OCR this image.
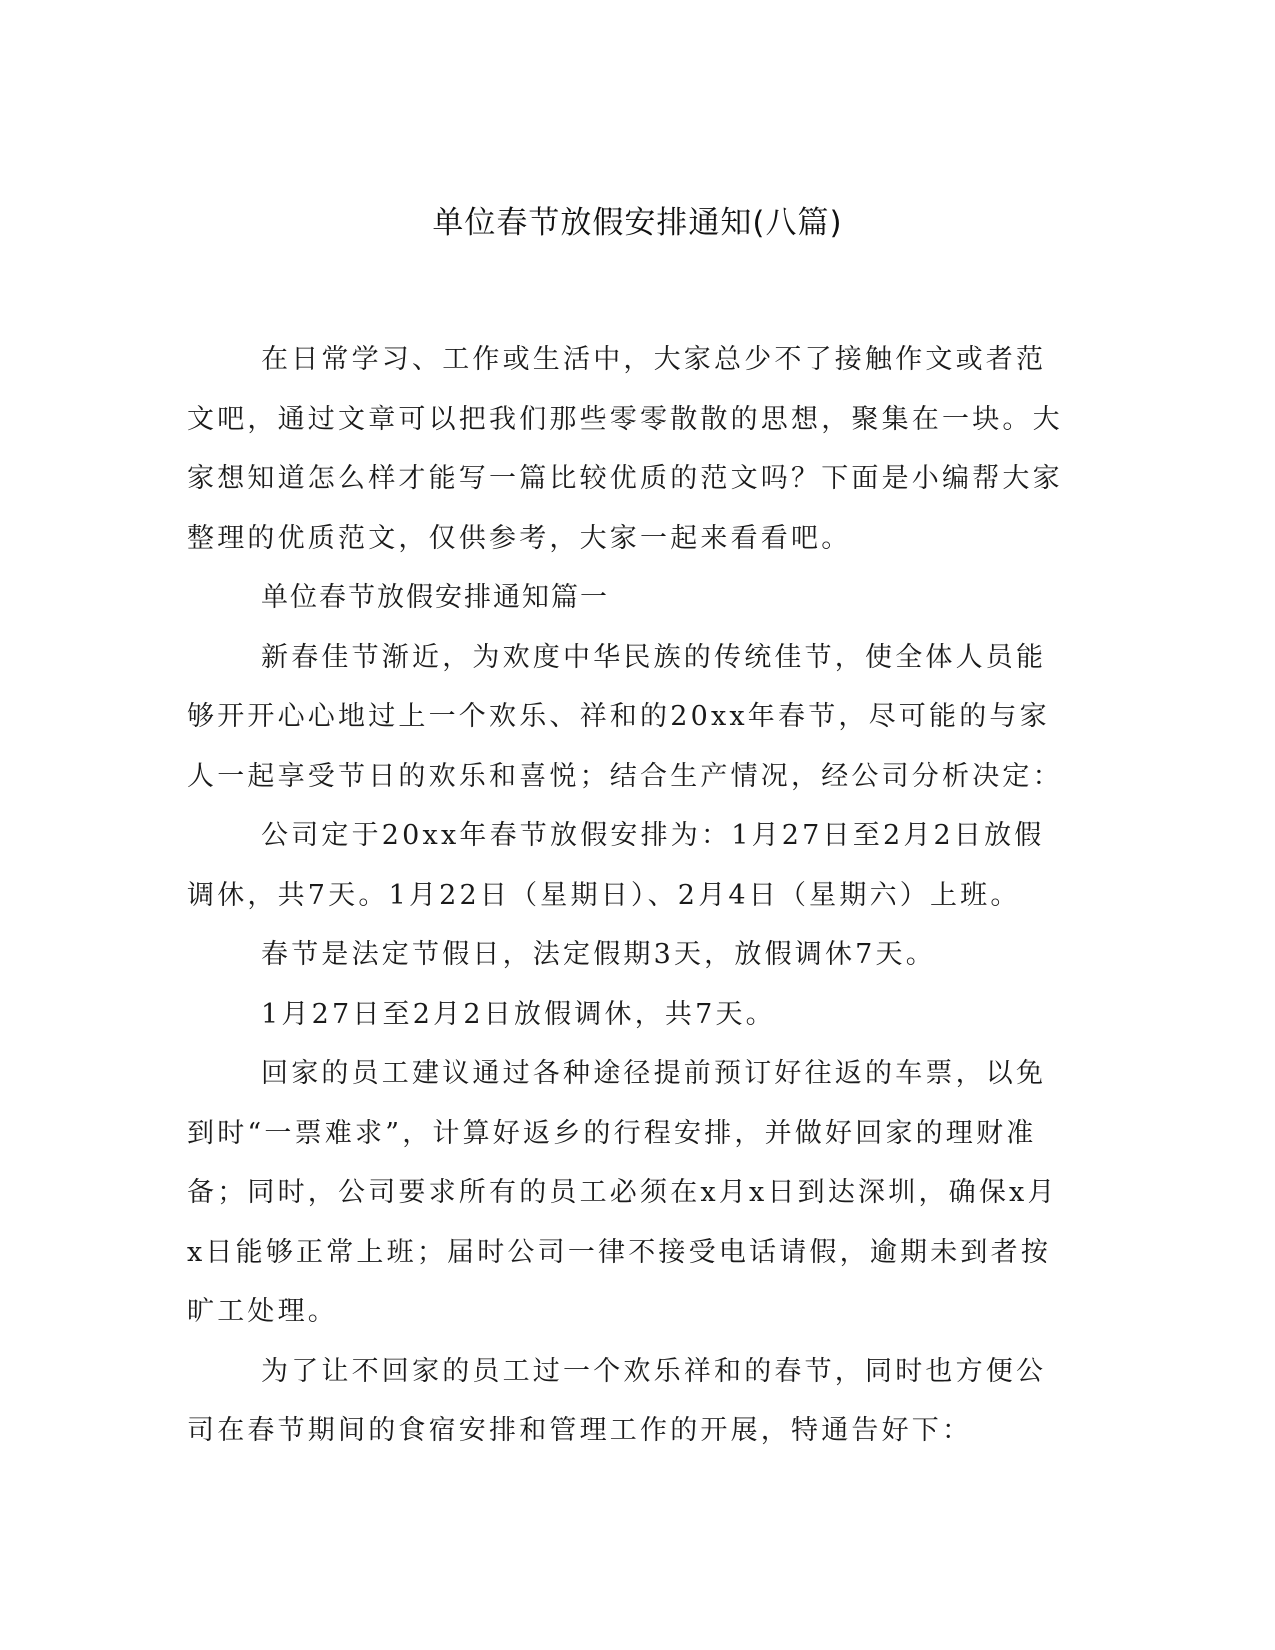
单位春节放假安排通知(八篇)

在日常学习、工作或生活中，大家总少不了接触作文或者范文吧，通过文章可以把我们那些零零散散的思想，聚集在一块。大家想知道怎么样才能写一篇比较优质的范文吗？下面是小编帮大家整理的优质范文，仅供参考，大家一起来看看吧。

单位春节放假安排通知篇一

新春佳节渐近，为欢度中华民族的传统佳节，使全体人员能够开开心心地过上一个欢乐、祥和的20xx年春节，尽可能的与家人一起享受节日的欢乐和喜悦；结合生产情况，经公司分析决定：

公司定于20xx年春节放假安排为：1月27日至2月2日放假调休，共7天。1月22日（星期日）、2月4日（星期六）上班。

春节是法定节假日，法定假期3天，放假调休7天。

1月27日至2月2日放假调休，共7天。

回家的员工建议通过各种途径提前预订好往返的车票，以免到时“一票难求”，计算好返乡的行程安排，并做好回家的理财准备；同时，公司要求所有的员工必须在x月x日到达深圳，确保x月x日能够正常上班；届时公司一律不接受电话请假，逾期未到者按旷工处理。

为了让不回家的员工过一个欢乐祥和的春节，同时也方便公司在春节期间的食宿安排和管理工作的开展，特通告好下：
